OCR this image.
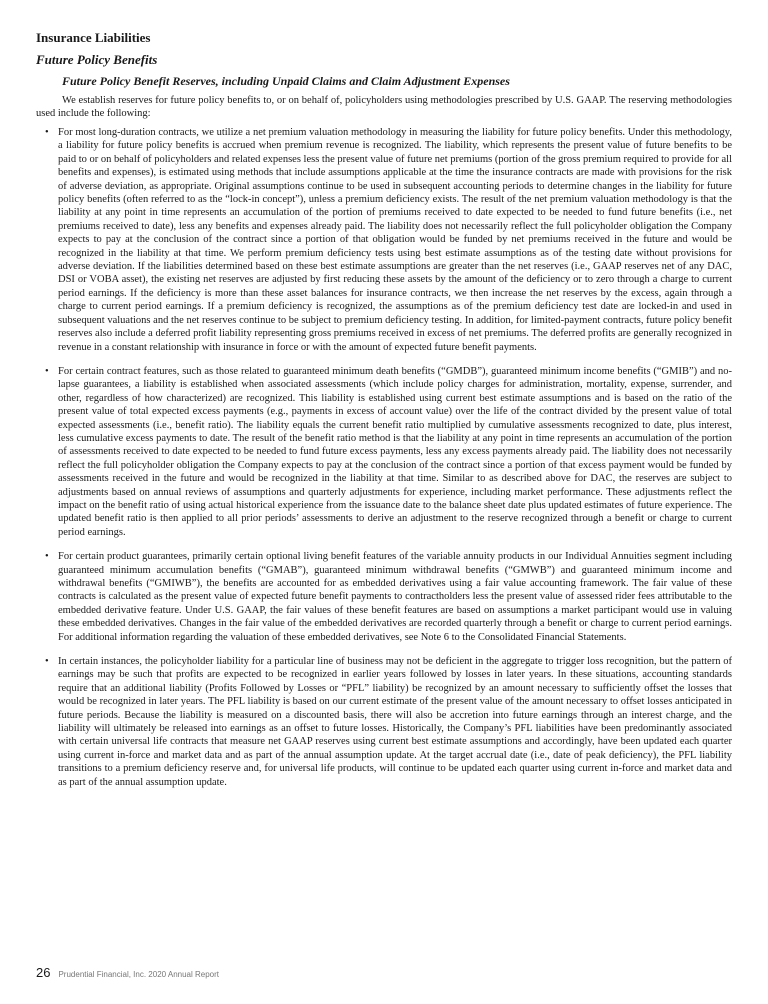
Insurance Liabilities
Future Policy Benefits
Future Policy Benefit Reserves, including Unpaid Claims and Claim Adjustment Expenses

We establish reserves for future policy benefits to, or on behalf of, policyholders using methodologies prescribed by U.S. GAAP. The reserving methodologies used include the following:

• For most long-duration contracts, we utilize a net premium valuation methodology in measuring the liability for future policy benefits. Under this methodology, a liability for future policy benefits is accrued when premium revenue is recognized. The liability, which represents the present value of future benefits to be paid to or on behalf of policyholders and related expenses less the present value of future net premiums (portion of the gross premium required to provide for all benefits and expenses), is estimated using methods that include assumptions applicable at the time the insurance contracts are made with provisions for the risk of adverse deviation, as appropriate. Original assumptions continue to be used in subsequent accounting periods to determine changes in the liability for future policy benefits (often referred to as the “lock-in concept”), unless a premium deficiency exists. The result of the net premium valuation methodology is that the liability at any point in time represents an accumulation of the portion of premiums received to date expected to be needed to fund future benefits (i.e., net premiums received to date), less any benefits and expenses already paid. The liability does not necessarily reflect the full policyholder obligation the Company expects to pay at the conclusion of the contract since a portion of that obligation would be funded by net premiums received in the future and would be recognized in the liability at that time. We perform premium deficiency tests using best estimate assumptions as of the testing date without provisions for adverse deviation. If the liabilities determined based on these best estimate assumptions are greater than the net reserves (i.e., GAAP reserves net of any DAC, DSI or VOBA asset), the existing net reserves are adjusted by first reducing these assets by the amount of the deficiency or to zero through a charge to current period earnings. If the deficiency is more than these asset balances for insurance contracts, we then increase the net reserves by the excess, again through a charge to current period earnings. If a premium deficiency is recognized, the assumptions as of the premium deficiency test date are locked-in and used in subsequent valuations and the net reserves continue to be subject to premium deficiency testing. In addition, for limited-payment contracts, future policy benefit reserves also include a deferred profit liability representing gross premiums received in excess of net premiums. The deferred profits are generally recognized in revenue in a constant relationship with insurance in force or with the amount of expected future benefit payments.
• For certain contract features, such as those related to guaranteed minimum death benefits (“GMDB”), guaranteed minimum income benefits (“GMIB”) and no-lapse guarantees, a liability is established when associated assessments (which include policy charges for administration, mortality, expense, surrender, and other, regardless of how characterized) are recognized. This liability is established using current best estimate assumptions and is based on the ratio of the present value of total expected excess payments (e.g., payments in excess of account value) over the life of the contract divided by the present value of total expected assessments (i.e., benefit ratio). The liability equals the current benefit ratio multiplied by cumulative assessments recognized to date, plus interest, less cumulative excess payments to date. The result of the benefit ratio method is that the liability at any point in time represents an accumulation of the portion of assessments received to date expected to be needed to fund future excess payments, less any excess payments already paid. The liability does not necessarily reflect the full policyholder obligation the Company expects to pay at the conclusion of the contract since a portion of that excess payment would be funded by assessments received in the future and would be recognized in the liability at that time. Similar to as described above for DAC, the reserves are subject to adjustments based on annual reviews of assumptions and quarterly adjustments for experience, including market performance. These adjustments reflect the impact on the benefit ratio of using actual historical experience from the issuance date to the balance sheet date plus updated estimates of future experience. The updated benefit ratio is then applied to all prior periods’ assessments to derive an adjustment to the reserve recognized through a benefit or charge to current period earnings.
• For certain product guarantees, primarily certain optional living benefit features of the variable annuity products in our Individual Annuities segment including guaranteed minimum accumulation benefits (“GMAB”), guaranteed minimum withdrawal benefits (“GMWB”) and guaranteed minimum income and withdrawal benefits (“GMIWB”), the benefits are accounted for as embedded derivatives using a fair value accounting framework. The fair value of these contracts is calculated as the present value of expected future benefit payments to contractholders less the present value of assessed rider fees attributable to the embedded derivative feature. Under U.S. GAAP, the fair values of these benefit features are based on assumptions a market participant would use in valuing these embedded derivatives. Changes in the fair value of the embedded derivatives are recorded quarterly through a benefit or charge to current period earnings. For additional information regarding the valuation of these embedded derivatives, see Note 6 to the Consolidated Financial Statements.
• In certain instances, the policyholder liability for a particular line of business may not be deficient in the aggregate to trigger loss recognition, but the pattern of earnings may be such that profits are expected to be recognized in earlier years followed by losses in later years. In these situations, accounting standards require that an additional liability (Profits Followed by Losses or “PFL” liability) be recognized by an amount necessary to sufficiently offset the losses that would be recognized in later years. The PFL liability is based on our current estimate of the present value of the amount necessary to offset losses anticipated in future periods. Because the liability is measured on a discounted basis, there will also be accretion into future earnings through an interest charge, and the liability will ultimately be released into earnings as an offset to future losses. Historically, the Company’s PFL liabilities have been predominantly associated with certain universal life contracts that measure net GAAP reserves using current best estimate assumptions and accordingly, have been updated each quarter using current in-force and market data and as part of the annual assumption update. At the target accrual date (i.e., date of peak deficiency), the PFL liability transitions to a premium deficiency reserve and, for universal life products, will continue to be updated each quarter using current in-force and market data and as part of the annual assumption update.
26 Prudential Financial, Inc. 2020 Annual Report
